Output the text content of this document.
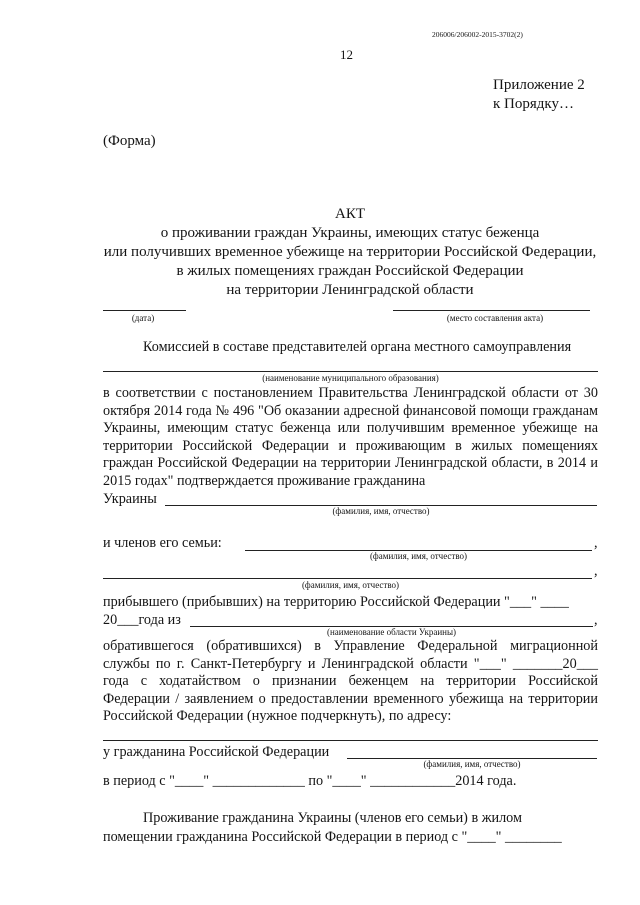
206006/206002-2015-3702(2)
12
Приложение 2
к Порядку…
(Форма)
АКТ
о проживании граждан Украины, имеющих статус беженца
или получивших временное убежище на территории Российской Федерации,
в жилых помещениях граждан Российской Федерации
на территории Ленинградской области
(дата)	(место составления акта)
Комиссией в составе представителей органа местного самоуправления
(наименование муниципального образования)
в соответствии с постановлением Правительства Ленинградской области от 30 октября 2014 года № 496 "Об оказании адресной финансовой помощи гражданам Украины, имеющим статус беженца или получившим временное убежище на территории Российской Федерации и проживающим в жилых помещениях граждан Российской Федерации на территории Ленинградской области, в 2014 и 2015 годах" подтверждается проживание гражданина
Украины
(фамилия, имя, отчество)
и членов его семьи:	,
(фамилия, имя, отчество)
,
(фамилия, имя, отчество)
прибывшего (прибывших) на территорию Российской Федерации "___" ____
20___года из	,
(наименование области Украины)
обратившегося (обратившихся) в Управление Федеральной миграционной службы по г. Санкт-Петербургу и Ленинградской области "___" _______20___ года с ходатайством о признании беженцем на территории Российской Федерации / заявлением о предоставлении временного убежища на территории Российской Федерации (нужное подчеркнуть), по адресу:
у гражданина Российской Федерации
(фамилия, имя, отчество)
в период с "____" _____________ по "____" ____________2014 года.
Проживание гражданина Украины (членов его семьи) в жилом
помещении гражданина Российской Федерации в период с "____" ________
